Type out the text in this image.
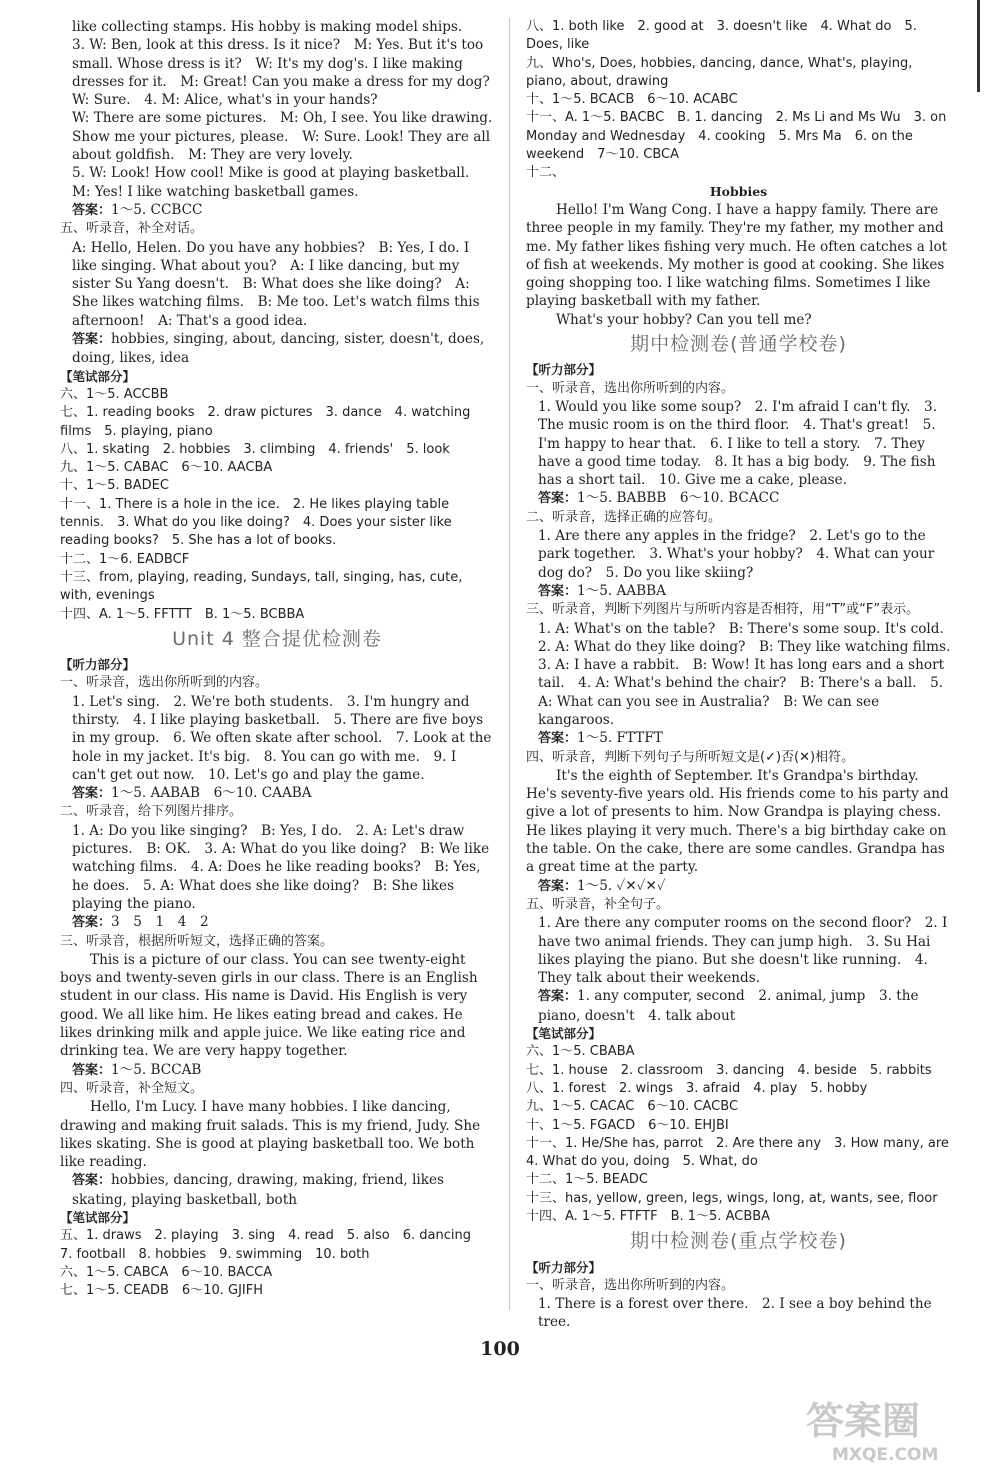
like collecting stamps. His hobby is making model ships.
3. W: Ben, look at this dress. Is it nice?　M: Yes. But it's too small. Whose dress is it?　W: It's my dog's. I like making dresses for it.　M: Great! Can you make a dress for my dog?　W: Sure.　4. M: Alice, what's in your hands?
W: There are some pictures.　M: Oh, I see. You like drawing. Show me your pictures, please.　W: Sure. Look! They are all about goldfish.　M: They are very lovely.
5. W: Look! How cool! Mike is good at playing basketball.
M: Yes! I like watching basketball games.
答案：1～5. CCBCC
五、听录音，补全对话。
A: Hello, Helen. Do you have any hobbies?　B: Yes, I do. I like singing. What about you?　A: I like dancing, but my sister Su Yang doesn't.　B: What does she like doing?　A: She likes watching films.　B: Me too. Let's watch films this afternoon!　A: That's a good idea.
答案：hobbies, singing, about, dancing, sister, doesn't, does, doing, likes, idea
【笔试部分】
六、1～5. ACCBB
七、1. reading books　2. draw pictures　3. dance　4. watching films　5. playing, piano
八、1. skating　2. hobbies　3. climbing　4. friends'　5. look
九、1～5. CABAC　6～10. AACBA
十、1～5. BADEC
十一、1. There is a hole in the ice.　2. He likes playing table tennis.　3. What do you like doing?　4. Does your sister like reading books?　5. She has a lot of books.
十二、1～6. EADBCF
十三、from, playing, reading, Sundays, tall, singing, has, cute, with, evenings
十四、A. 1～5. FFTTT　B. 1～5. BCBBA
Unit 4 整合提优检测卷
【听力部分】
一、听录音，选出你所听到的内容。
1. Let's sing.　2. We're both students.　3. I'm hungry and thirsty.　4. I like playing basketball.　5. There are five boys in my group.　6. We often skate after school.　7. Look at the hole in my jacket. It's big.　8. You can go with me.　9. I can't get out now.　10. Let's go and play the game.
答案：1～5. AABAB　6～10. CAABA
二、听录音，给下列图片排序。
1. A: Do you like singing?　B: Yes, I do.　2. A: Let's draw pictures.　B: OK.　3. A: What do you like doing?　B: We like watching films.　4. A: Does he like reading books?　B: Yes, he does.　5. A: What does she like doing?　B: She likes playing the piano.
答案：3　5　1　4　2
三、听录音，根据所听短文，选择正确的答案。
This is a picture of our class. You can see twenty-eight boys and twenty-seven girls in our class. There is an English student in our class. His name is David. His English is very good. We all like him. He likes eating bread and cakes. He likes drinking milk and apple juice. We like eating rice and drinking tea. We are very happy together.
答案：1～5. BCCAB
四、听录音，补全短文。
Hello, I'm Lucy. I have many hobbies. I like dancing, drawing and making fruit salads. This is my friend, Judy. She likes skating. She is good at playing basketball too. We both like reading.
答案：hobbies, dancing, drawing, making, friend, likes skating, playing basketball, both
【笔试部分】
五、1. draws　2. playing　3. sing　4. read　5. also　6. dancing　7. football　8. hobbies　9. swimming　10. both
六、1～5. CABCA　6～10. BACCA
七、1～5. CEADB　6～10. GJIFH
八、1. both like　2. good at　3. doesn't like　4. What do　5. Does, like
九、Who's, Does, hobbies, dancing, dance, What's, playing, piano, about, drawing
十、1～5. BCACB　6～10. ACABC
十一、A. 1～5. BACBC　B. 1. dancing　2. Ms Li and Ms Wu　3. on Monday and Wednesday　4. cooking　5. Mrs Ma　6. on the weekend　7～10. CBCA
十二、
Hobbies
Hello! I'm Wang Cong. I have a happy family. There are three people in my family. They're my father, my mother and me. My father likes fishing very much. He often catches a lot of fish at weekends. My mother is good at cooking. She likes going shopping too. I like watching films. Sometimes I like playing basketball with my father.
What's your hobby? Can you tell me?
期中检测卷(普通学校卷)
【听力部分】
一、听录音，选出你所听到的内容。
1. Would you like some soup?　2. I'm afraid I can't fly.　3. The music room is on the third floor.　4. That's great!　5. I'm happy to hear that.　6. I like to tell a story.　7. They have a good time today.　8. It has a big body.　9. The fish has a short tail.　10. Give me a cake, please.
答案：1～5. BABBB　6～10. BCACC
二、听录音，选择正确的应答句。
1. Are there any apples in the fridge?　2. Let's go to the park together.　3. What's your hobby?　4. What can your dog do?　5. Do you like skiing?
答案：1～5. AABBA
三、听录音，判断下列图片与所听内容是否相符，用“T”或“F”表示。
1. A: What's on the table?　B: There's some soup. It's cold.　2. A: What do they like doing?　B: They like watching films.　3. A: I have a rabbit.　B: Wow! It has long ears and a short tail.　4. A: What's behind the chair?　B: There's a ball.　5. A: What can you see in Australia?　B: We can see kangaroos.
答案：1～5. FTTFT
四、听录音，判断下列句子与所听短文是(✓)否(✕)相符。
It's the eighth of September. It's Grandpa's birthday. He's seventy-five years old. His friends come to his party and give a lot of presents to him. Now Grandpa is playing chess. He likes playing it very much. There's a big birthday cake on the table. On the cake, there are some candles. Grandpa has a great time at the party.
答案：1～5. ✓✕✓✕✓
五、听录音，补全句子。
1. Are there any computer rooms on the second floor?　2. I have two animal friends. They can jump high.　3. Su Hai likes playing the piano. But she doesn't like running.　4. They talk about their weekends.
答案：1. any computer, second　2. animal, jump　3. the piano, doesn't　4. talk about
【笔试部分】
六、1～5. CBABA
七、1. house　2. classroom　3. dancing　4. beside　5. rabbits
八、1. forest　2. wings　3. afraid　4. play　5. hobby
九、1～5. CACAC　6～10. CACBC
十、1～5. FGACD　6～10. EHJBI
十一、1. He/She has, parrot　2. Are there any　3. How many, are　4. What do you, doing　5. What, do
十二、1～5. BEADC
十三、has, yellow, green, legs, wings, long, at, wants, see, floor
十四、A. 1～5. FTFTF　B. 1～5. ACBBA
期中检测卷(重点学校卷)
【听力部分】
一、听录音，选出你所听到的内容。
1. There is a forest over there.　2. I see a boy behind the tree.
100
答案圈
MXQE.COM
